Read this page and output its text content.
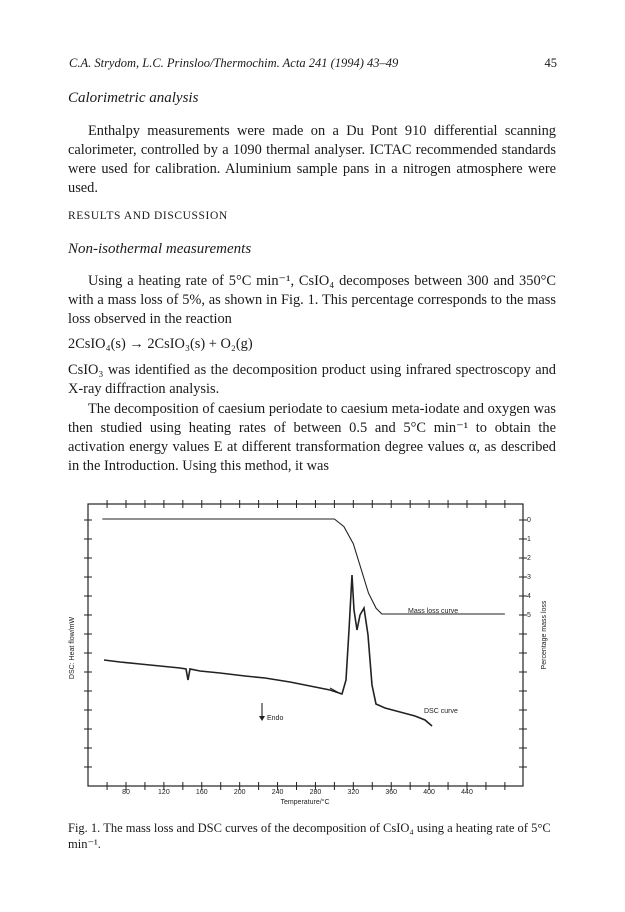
C.A. Strydom, L.C. Prinsloo/Thermochim. Acta 241 (1994) 43–49	45
Calorimetric analysis

Enthalpy measurements were made on a Du Pont 910 differential scanning calorimeter, controlled by a 1090 thermal analyser. ICTAC recommended standards were used for calibration. Aluminium sample pans in a nitrogen atmosphere were used.

RESULTS AND DISCUSSION
Non-isothermal measurements

Using a heating rate of 5°C min⁻¹, CsIO₄ decomposes between 300 and 350°C with a mass loss of 5%, as shown in Fig. 1. This percentage corresponds to the mass loss observed in the reaction

2CsIO₄(s) → 2CsIO₃(s) + O₂(g)

CsIO₃ was identified as the decomposition product using infrared spectroscopy and X-ray diffraction analysis.

The decomposition of caesium periodate to caesium meta-iodate and oxygen was then studied using heating rates of between 0.5 and 5°C min⁻¹ to obtain the activation energy values E at different transformation degree values α, as described in the Introduction. Using this method, it was

80	120	160	200	240	280	320	360	400	440
0
1
2
3
4
5
Endo
Mass loss curve
DSC curve
Temperature/°C
DSC: Heat flow/mW	Percentage mass loss
Fig. 1. The mass loss and DSC curves of the decomposition of CsIO₄ using a heating rate of 5°C min⁻¹.
